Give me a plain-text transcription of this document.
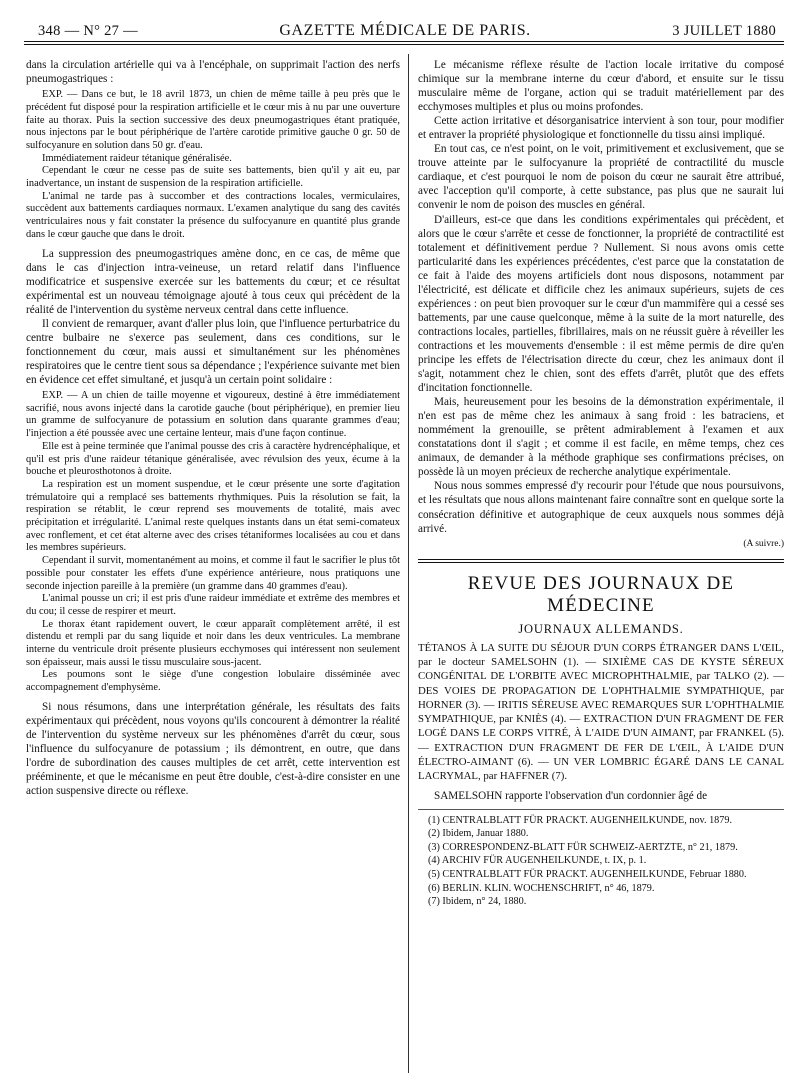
348 — N° 27 —	GAZETTE MÉDICALE DE PARIS.	3 JUILLET 1880

dans la circulation artérielle qui va à l'encéphale, on supprimait l'action des nerfs pneumogastriques :

EXP. — Dans ce but, le 18 avril 1873, un chien de même taille à peu près que le précédent fut disposé pour la respiration artificielle et le cœur mis à nu par une ouverture faite au thorax. Puis la section successive des deux pneumogastriques étant pratiquée, nous injectons par le bout périphérique de l'artère carotide primitive gauche 0 gr. 50 de sulfocyanure en solution dans 50 gr. d'eau.

Immédiatement raideur tétanique généralisée.

Cependant le cœur ne cesse pas de suite ses battements, bien qu'il y ait eu, par inadvertance, un instant de suspension de la respiration artificielle.

L'animal ne tarde pas à succomber et des contractions locales, vermiculaires, succèdent aux battements cardiaques normaux. L'examen analytique du sang des cavités ventriculaires nous y fait constater la présence du sulfocyanure en quantité plus grande dans le cœur gauche que dans le droit.

La suppression des pneumogastriques amène donc, en ce cas, de même que dans le cas d'injection intra-veineuse, un retard relatif dans l'influence modificatrice et suspensive exercée sur les battements du cœur; et ce résultat expérimental est un nouveau témoignage ajouté à tous ceux qui précèdent de la réalité de l'intervention du système nerveux central dans cette influence.

Il convient de remarquer, avant d'aller plus loin, que l'influence perturbatrice du centre bulbaire ne s'exerce pas seulement, dans ces conditions, sur le fonctionnement du cœur, mais aussi et simultanément sur les phénomènes respiratoires que le centre tient sous sa dépendance ; l'expérience suivante met bien en évidence cet effet simultané, et jusqu'à un certain point solidaire :

EXP. — A un chien de taille moyenne et vigoureux, destiné à être immédiatement sacrifié, nous avons injecté dans la carotide gauche (bout périphérique), en premier lieu un gramme de sulfocyanure de potassium en solution dans quarante grammes d'eau; l'injection a été poussée avec une certaine lenteur, mais d'une façon continue.

Elle est à peine terminée que l'animal pousse des cris à caractère hydrencéphalique, et qu'il est pris d'une raideur tétanique généralisée, avec révulsion des yeux, écume à la bouche et pleurosthotonos à droite.

La respiration est un moment suspendue, et le cœur présente une sorte d'agitation trémulatoire qui a remplacé ses battements rhythmiques. Puis la résolution se fait, la respiration se rétablit, le cœur reprend ses mouvements de totalité, mais avec précipitation et irrégularité. L'animal reste quelques instants dans un état semi-comateux avec ronflement, et cet état alterne avec des crises tétaniformes localisées au cou et dans les membres supérieurs.

Cependant il survit, momentanément au moins, et comme il faut le sacrifier le plus tôt possible pour constater les effets d'une expérience antérieure, nous pratiquons une seconde injection pareille à la première (un gramme dans 40 grammes d'eau).

L'animal pousse un cri; il est pris d'une raideur immédiate et extrême des membres et du cou; il cesse de respirer et meurt.

Le thorax étant rapidement ouvert, le cœur apparaît complètement arrêté, il est distendu et rempli par du sang liquide et noir dans les deux ventricules. La membrane interne du ventricule droit présente plusieurs ecchymoses qui intéressent non seulement son épaisseur, mais aussi le tissu musculaire sous-jacent.

Les poumons sont le siège d'une congestion lobulaire disséminée avec accompagnement d'emphysème.

Si nous résumons, dans une interprétation générale, les résultats des faits expérimentaux qui précèdent, nous voyons qu'ils concourent à démontrer la réalité de l'intervention du système nerveux sur les phénomènes d'arrêt du cœur, sous l'influence du sulfocyanure de potassium ; ils démontrent, en outre, que dans l'ordre de subordination des causes multiples de cet arrêt, cette intervention est prééminente, et que le mécanisme en peut être double, c'est-à-dire consister en une action suspensive directe ou réflexe.

Le mécanisme réflexe résulte de l'action locale irritative du composé chimique sur la membrane interne du cœur d'abord, et ensuite sur le tissu musculaire même de l'organe, action qui se traduit matériellement par des ecchymoses multiples et plus ou moins profondes.

Cette action irritative et désorganisatrice intervient à son tour, pour modifier et entraver la propriété physiologique et fonctionnelle du tissu ainsi impliqué.

En tout cas, ce n'est point, on le voit, primitivement et exclusivement, que se trouve atteinte par le sulfocyanure la propriété de contractilité du muscle cardiaque, et c'est pourquoi le nom de poison du cœur ne saurait être attribué, avec l'acception qu'il comporte, à cette substance, pas plus que ne saurait lui convenir le nom de poison des muscles en général.

D'ailleurs, est-ce que dans les conditions expérimentales qui précèdent, et alors que le cœur s'arrête et cesse de fonctionner, la propriété de contractilité est totalement et définitivement perdue ? Nullement. Si nous avons omis cette particularité dans les expériences précédentes, c'est parce que la constatation de ce fait à l'aide des moyens artificiels dont nous disposons, notamment par l'électricité, est délicate et difficile chez les animaux supérieurs, sujets de ces expériences : on peut bien provoquer sur le cœur d'un mammifère qui a cessé ses battements, par une cause quelconque, même à la suite de la mort naturelle, des contractions locales, partielles, fibrillaires, mais on ne réussit guère à réveiller les contractions et les mouvements d'ensemble : il est même permis de dire qu'en principe les effets de l'électrisation directe du cœur, chez les animaux dont il s'agit, notamment chez le chien, sont des effets d'arrêt, plutôt que des effets d'incitation fonctionnelle.

Mais, heureusement pour les besoins de la démonstration expérimentale, il n'en est pas de même chez les animaux à sang froid : les batraciens, et nommément la grenouille, se prêtent admirablement à l'examen et aux constatations dont il s'agit ; et comme il est facile, en même temps, chez ces animaux, de demander à la méthode graphique ses confirmations précises, on possède là un moyen précieux de recherche analytique expérimentale.

Nous nous sommes empressé d'y recourir pour l'étude que nous poursuivons, et les résultats que nous allons maintenant faire connaître sont en quelque sorte la consécration définitive et autographique de ceux auxquels nous sommes déjà arrivé.

(A suivre.)
REVUE DES JOURNAUX DE MÉDECINE
JOURNAUX ALLEMANDS.

TÉTANOS À LA SUITE DU SÉJOUR D'UN CORPS ÉTRANGER DANS L'ŒIL, par le docteur SAMELSOHN (1). — SIXIÈME CAS DE KYSTE SÉREUX CONGÉNITAL DE L'ORBITE AVEC MICROPHTHALMIE, par TALKO (2). — DES VOIES DE PROPAGATION DE L'OPHTHALMIE SYMPATHIQUE, par HORNER (3). — IRITIS SÉREUSE AVEC REMARQUES SUR L'OPHTHALMIE SYMPATHIQUE, par KNIÈS (4). — EXTRACTION D'UN FRAGMENT DE FER LOGÉ DANS LE CORPS VITRÉ, À L'AIDE D'UN AIMANT, par FRANKEL (5). — EXTRACTION D'UN FRAGMENT DE FER DE L'ŒIL, À L'AIDE D'UN ÉLECTRO-AIMANT (6). — UN VER LOMBRIC ÉGARÉ DANS LE CANAL LACRYMAL, par HAFFNER (7).

SAMELSOHN rapporte l'observation d'un cordonnier âgé de

(1) CENTRALBLATT FÜR PRACKT. AUGENHEILKUNDE, nov. 1879.
(2) Ibidem, Januar 1880.
(3) CORRESPONDENZ-BLATT FÜR SCHWEIZ-AERTZTE, n° 21, 1879.
(4) ARCHIV FÜR AUGENHEILKUNDE, t. IX, p. 1.
(5) CENTRALBLATT FÜR PRACKT. AUGENHEILKUNDE, Februar 1880.
(6) BERLIN. KLIN. WOCHENSCHRIFT, n° 46, 1879.
(7) Ibidem, n° 24, 1880.
